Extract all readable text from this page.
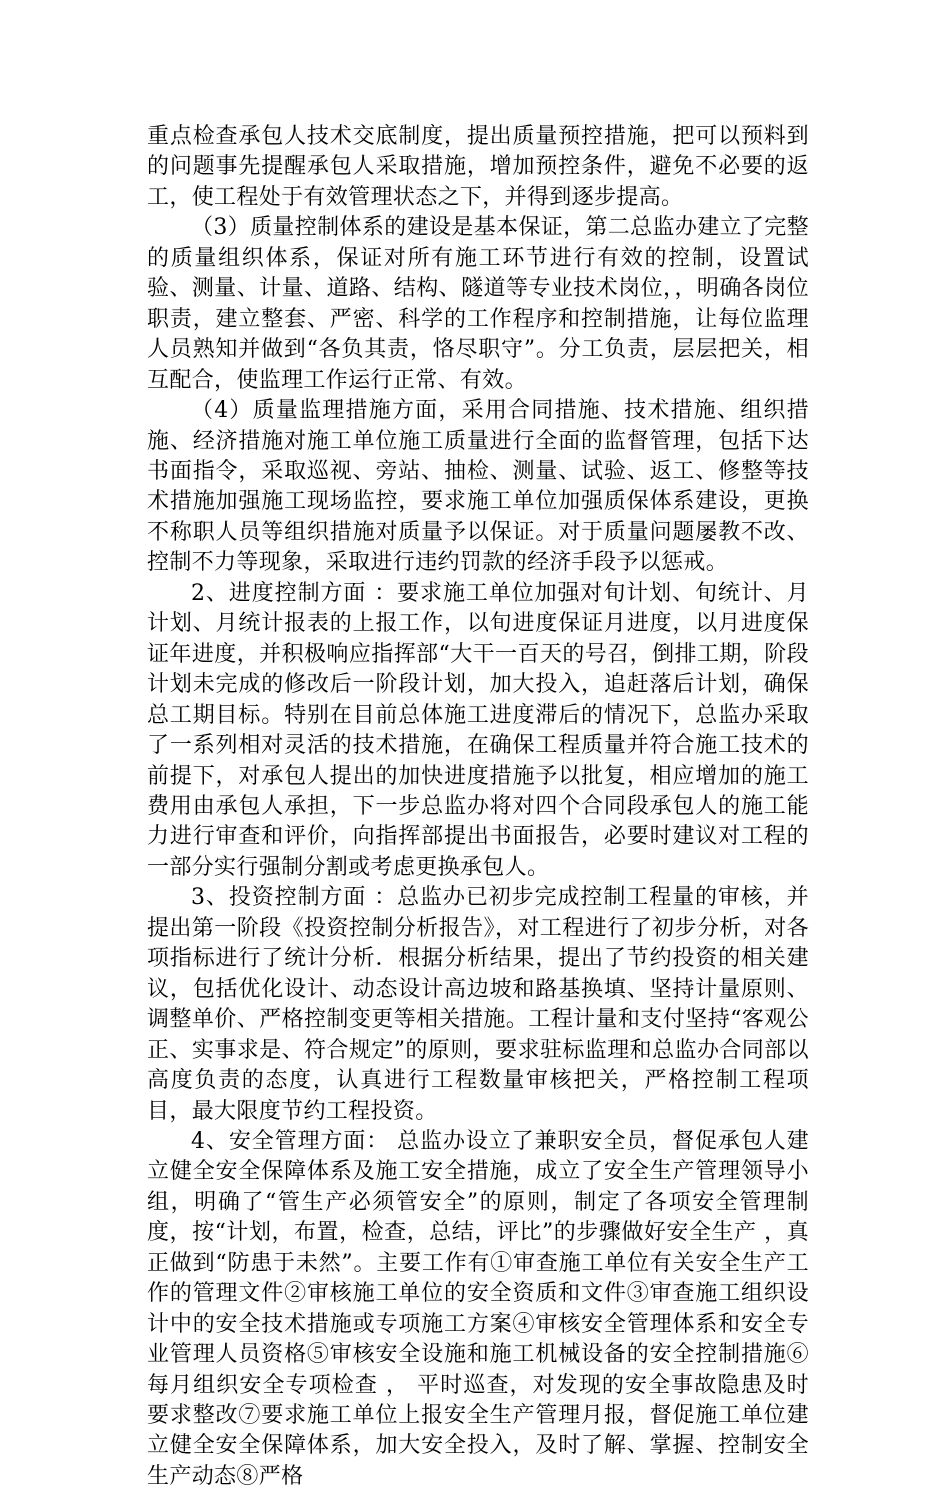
重点检查承包人技术交底制度，提出质量预控措施，把可以预料到的问题事先提醒承包人采取措施，增加预控条件，避免不必要的返工，使工程处于有效管理状态之下，并得到逐步提高。

（3）质量控制体系的建设是基本保证，第二总监办建立了完整的质量组织体系，保证对所有施工环节进行有效的控制，设置试验、测量、计量、道路、结构、隧道等专业技术岗位，，明确各岗位职责，建立整套、严密、科学的工作程序和控制措施，让每位监理人员熟知并做到“各负其责，恪尽职守”。分工负责，层层把关，相互配合，使监理工作运行正常、有效。

（4）质量监理措施方面，采用合同措施、技术措施、组织措施、经济措施对施工单位施工质量进行全面的监督管理，包括下达书面指令，采取巡视、旁站、抽检、测量、试验、返工、修整等技术措施加强施工现场监控，要求施工单位加强质保体系建设，更换不称职人员等组织措施对质量予以保证。对于质量问题屡教不改、控制不力等现象，采取进行违约罚款的经济手段予以惩戒。

2、进度控制方面 ：要求施工单位加强对旬计划、旬统计、月计划、月统计报表的上报工作，以旬进度保证月进度，以月进度保证年进度，并积极响应指挥部“大干一百天的号召，倒排工期，阶段计划未完成的修改后一阶段计划，加大投入，追赶落后计划，确保总工期目标。特别在目前总体施工进度滞后的情况下，总监办采取了一系列相对灵活的技术措施，在确保工程质量并符合施工技术的前提下，对承包人提出的加快进度措施予以批复，相应增加的施工费用由承包人承担，下一步总监办将对四个合同段承包人的施工能力进行审查和评价，向指挥部提出书面报告，必要时建议对工程的一部分实行强制分割或考虑更换承包人。

3、投资控制方面 ：总监办已初步完成控制工程量的审核，并提出第一阶段《投资控制分析报告》，对工程进行了初步分析，对各项指标进行了统计分析．根据分析结果，提出了节约投资的相关建议，包括优化设计、动态设计高边坡和路基换填、坚持计量原则、调整单价、严格控制变更等相关措施。工程计量和支付坚持“客观公正、实事求是、符合规定”的原则，要求驻标监理和总监办合同部以高度负责的态度，认真进行工程数量审核把关，严格控制工程项目，最大限度节约工程投资。

4、安全管理方面： 总监办设立了兼职安全员，督促承包人建立健全安全保障体系及施工安全措施，成立了安全生产管理领导小组，明确了“管生产必须管安全”的原则，制定了各项安全管理制度，按“计划，布置，检查，总结，评比”的步骤做好安全生产 ，真正做到“防患于未然”。主要工作有①审查施工单位有关安全生产工作的管理文件②审核施工单位的安全资质和文件③审查施工组织设计中的安全技术措施或专项施工方案④审核安全管理体系和安全专业管理人员资格⑤审核安全设施和施工机械设备的安全控制措施⑥每月组织安全专项检查 ， 平时巡查，对发现的安全事故隐患及时要求整改⑦要求施工单位上报安全生产管理月报，督促施工单位建立健全安全保障体系，加大安全投入，及时了解、掌握、控制安全生产动态⑧严格
